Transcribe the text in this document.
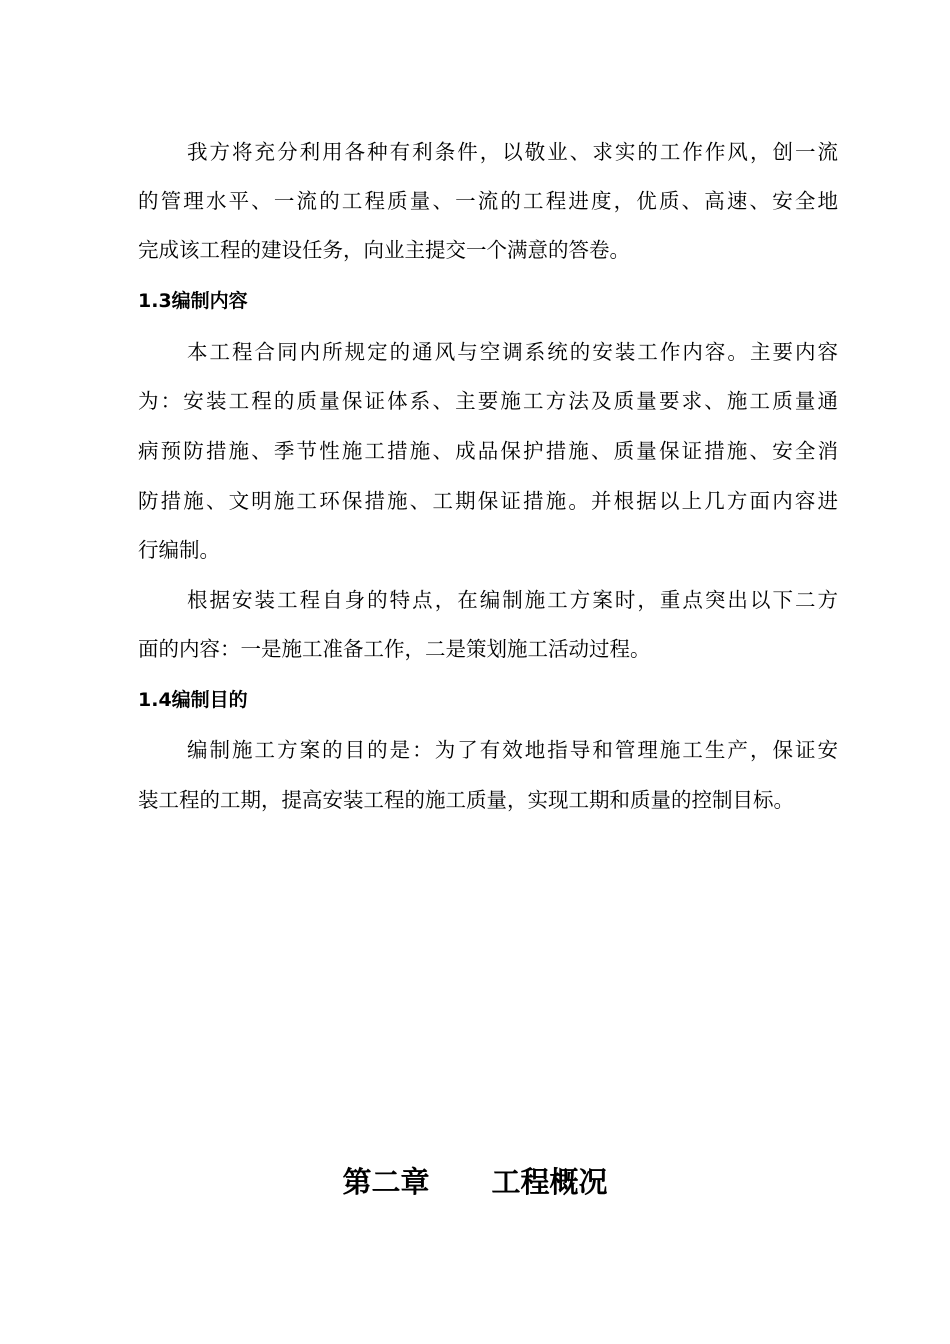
我方将充分利用各种有利条件，以敬业、求实的工作作风，创一流
的管理水平、一流的工程质量、一流的工程进度，优质、高速、安全地
完成该工程的建设任务，向业主提交一个满意的答卷。
1.3编制内容
本工程合同内所规定的通风与空调系统的安装工作内容。主要内容
为：安装工程的质量保证体系、主要施工方法及质量要求、施工质量通
病预防措施、季节性施工措施、成品保护措施、质量保证措施、安全消
防措施、文明施工环保措施、工期保证措施。并根据以上几方面内容进
行编制。
根据安装工程自身的特点，在编制施工方案时，重点突出以下二方
面的内容：一是施工准备工作，二是策划施工活动过程。
1.4编制目的
编制施工方案的目的是：为了有效地指导和管理施工生产，保证安
装工程的工期，提高安装工程的施工质量，实现工期和质量的控制目标。
第二章 工程概况
